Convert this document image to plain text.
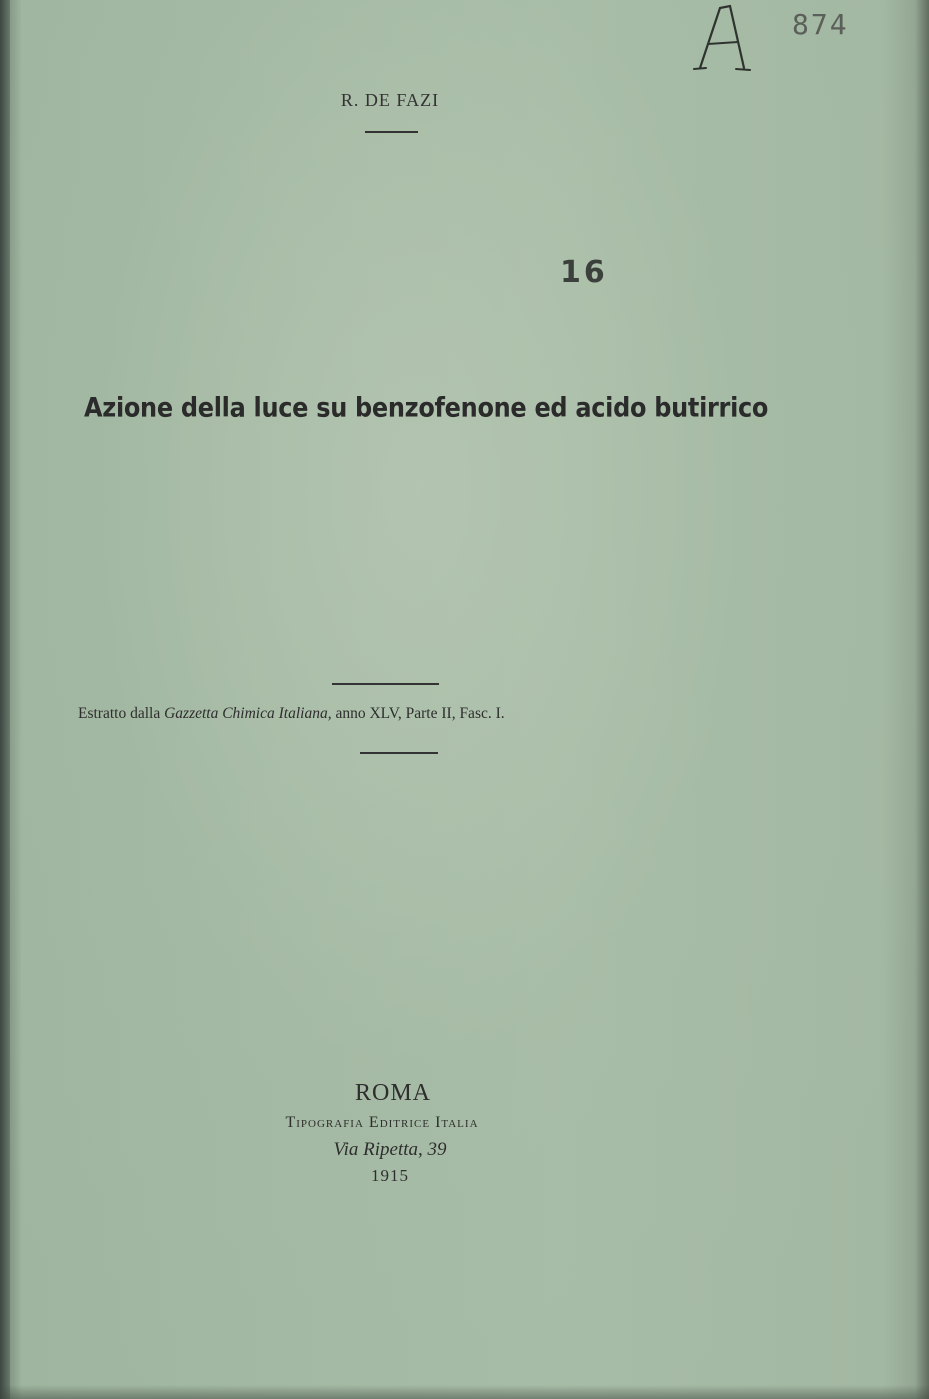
874
R. DE FAZI
16
Azione della luce su benzofenone ed acido butirrico
Estratto dalla Gazzetta Chimica Italiana, anno XLV, Parte II, Fasc. I.
ROMA
Tipografia Editrice Italia
Via Ripetta, 39
1915
